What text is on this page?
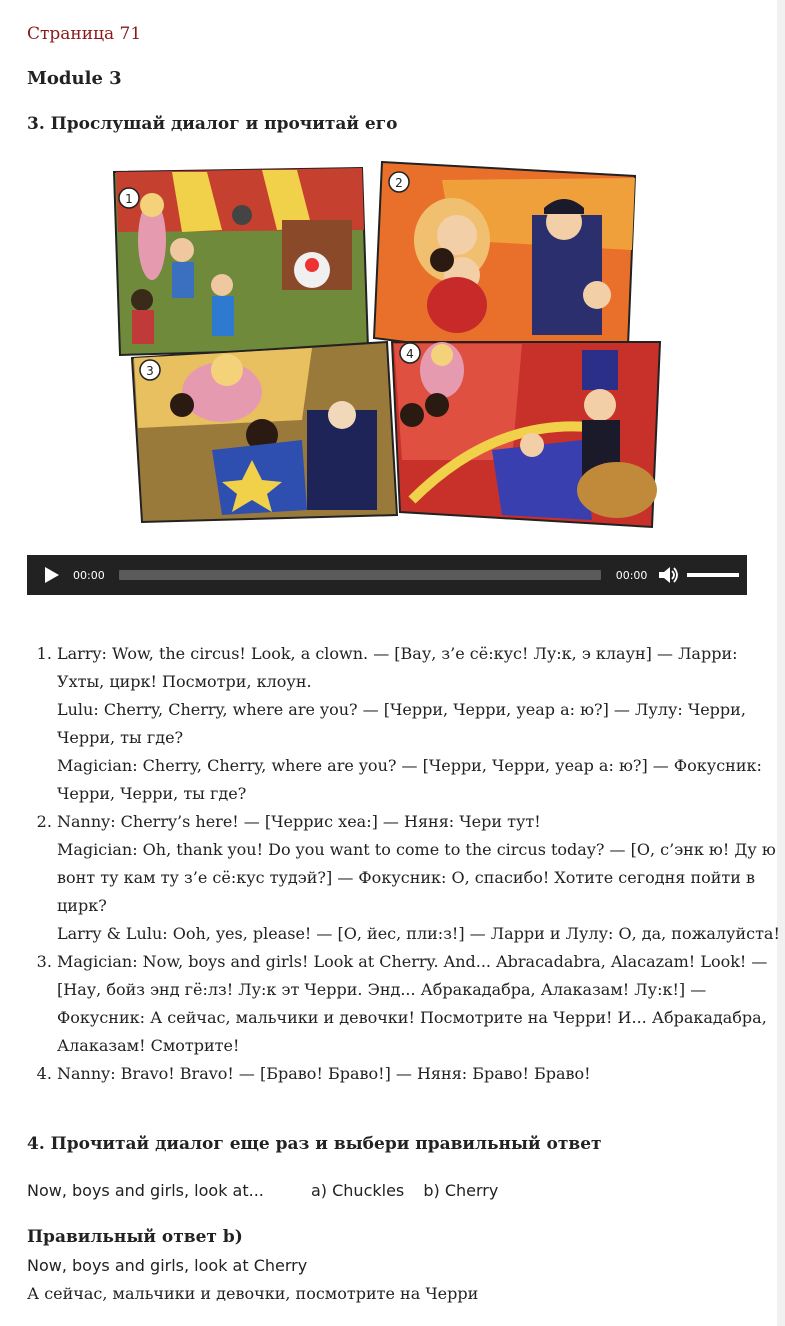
Страница 71
Module 3
3. Прослушай диалог и прочитай его
1
2
3
4
00:00	00:00
1. Larry: Wow, the circus! Look, a clown. — [Вау, з’е сё:кус! Лу:к, э клаун] — Ларри: Ухты, цирк! Посмотри, клоун.
Lulu: Cherry, Cherry, where are you? — [Черри, Черри, уеар а: ю?] — Лулу: Черри, Черри, ты где?
Magician: Cherry, Cherry, where are you? — [Черри, Черри, уеар а: ю?] — Фокусник: Черри, Черри, ты где?
2. Nanny: Cherry’s here! — [Черрис хеа:] — Няня: Чери тут!
Magician: Oh, thank you! Do you want to come to the circus today? — [О, с’энк ю! Ду ю вонт ту кам ту з’е сё:кус тудэй?] — Фокусник: О, спасибо! Хотите сегодня пойти в цирк?
Larry & Lulu: Ooh, yes, please! — [О, йес, пли:з!] — Ларри и Лулу: О, да, пожалуйста!
3. Magician: Now, boys and girls! Look at Cherry. And... Abracadabra, Alacazam! Look! — [Нау, бойз энд гё:лз! Лу:к эт Черри. Энд... Абракадабра, Алаказам! Лу:к!] — Фокусник: А сейчас, мальчики и девочки! Посмотрите на Черри! И... Абракадабра, Алаказам! Смотрите!
4. Nanny: Bravo! Bravo! — [Браво! Браво!] — Няня: Браво! Браво!
4. Прочитай диалог еще раз и выбери правильный ответ
Now, boys and girls, look at...	a) Chuckles b) Cherry
Правильный ответ b)
Now, boys and girls, look at Cherry
А сейчас, мальчики и девочки, посмотрите на Черри
